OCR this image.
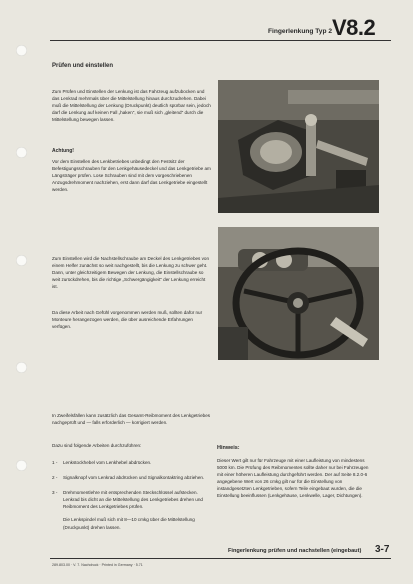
Fingerlenkung Typ 2 V8.2
Prüfen und einstellen

Zum Prüfen und Einstellen der Lenkung ist das Fahrzeug aufzubocken und das Lenkrad mehrmals über die Mittelstellung hinaus durchzudrehen. Dabei muß die Mittelstellung der Lenkung (Druckpunkt) deutlich spürbar sein, jedoch darf die Lenkung auf keinen Fall „haken", sie muß sich „gleitend" durch die Mittelstellung bewegen lassen.

Achtung!

Vor dem Einstellen des Lenkbetriebes unbedingt den Festsitz der Befestigungsschrauben für den Lenkgehäusedeckel und das Lenkgetriebe am Längsträger prüfen. Lose Schrauben sind mit dem vorgeschriebenen Anzugsdrehmoment nachziehen, erst dann darf das Lenkgetriebe eingestellt werden.

Zum Einstellen wird die Nachstellschraube am Deckel des Lenkgetriebes von einem Helfer zunächst so weit nachgestellt, bis die Lenkung zu schwer geht. Dann, unter gleichzeitigem Bewegen der Lenkung, die Einstellschraube so weit zurückdrehen, bis die richtige „Schwergängigkeit" der Lenkung erreicht ist.

Da diese Arbeit nach Gefühl vorgenommen werden muß, sollten dafür nur Monteure herangezogen werden, die über ausreichende Erfahrungen verfügen.

In Zweifelsfällen kann zusätzlich das Gesamt-Reibmoment des Lenkgetriebes nachgeprüft und — falls erforderlich — korrigiert werden.

Dazu sind folgende Arbeiten durchzuführen:

1 -	Lenkstockhebel vom Lenkhebel abdrücken.
2 -	Signalknopf vom Lenkrad abdrücken und Signalkontaktring abziehen.
3 -	Drehmomentlehre mit entsprechenden Steckschlüssel aufstecken. Lenkrad bis dicht an die Mittelstellung des Lenkgetriebes drehen und Reibmoment des Lenkgetriebes prüfen.
Die Lenkspindel muß sich mit 8—10 cmkg über die Mittelstellung (Druckpunkt) drehen lassen.
Hinweis:

Dieser Wert gilt nur für Fahrzeuge mit einer Laufleistung von mindestens 5000 km. Die Prüfung des Reibmomentes sollte daher nur bei Fahrzeugen mit einer höheren Laufleistung durchgeführt werden. Der auf Seite 8.2.0-6 angegebene Wert von 26 cmkg gilt nur für die Einstellung von instandgesetzten Lenkgetrieben, sofern Teile eingebaut wurden, die die Einstellung beeinflussen (Lenkgehäuse, Lenkwelle, Lager, Dichtungen).

Fingerlenkung prüfen und nachstellen (eingebaut) 3-7
289.803.00 · V. 7. Nachdruck · Printed in Germany · 5.71
